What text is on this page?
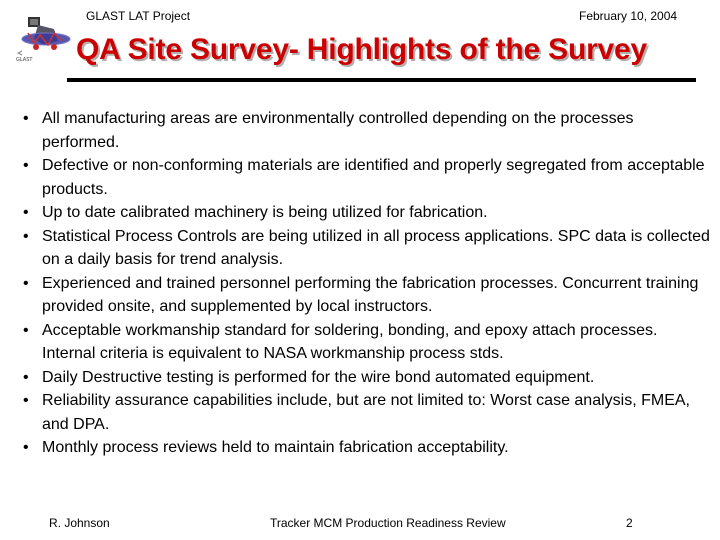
GLAST
GLAST LAT Project	February 10, 2004
QA Site Survey- Highlights of the Survey
• All manufacturing areas are environmentally controlled depending on the processes performed.
• Defective or non-conforming materials are identified and properly segregated from acceptable products.
• Up to date calibrated machinery is being utilized for fabrication.
• Statistical Process Controls are being utilized in all process applications. SPC data is collected on a daily basis for trend analysis.
• Experienced and trained personnel performing the fabrication processes. Concurrent training provided onsite, and supplemented by local instructors.
• Acceptable workmanship standard for soldering, bonding, and epoxy attach processes. Internal criteria is equivalent to NASA workmanship process stds.
• Daily Destructive testing is performed for the wire bond automated equipment.
• Reliability assurance capabilities include, but are not limited to: Worst case analysis, FMEA, and DPA.
• Monthly process reviews held to maintain fabrication acceptability.
R. Johnson	Tracker MCM Production Readiness Review	2
